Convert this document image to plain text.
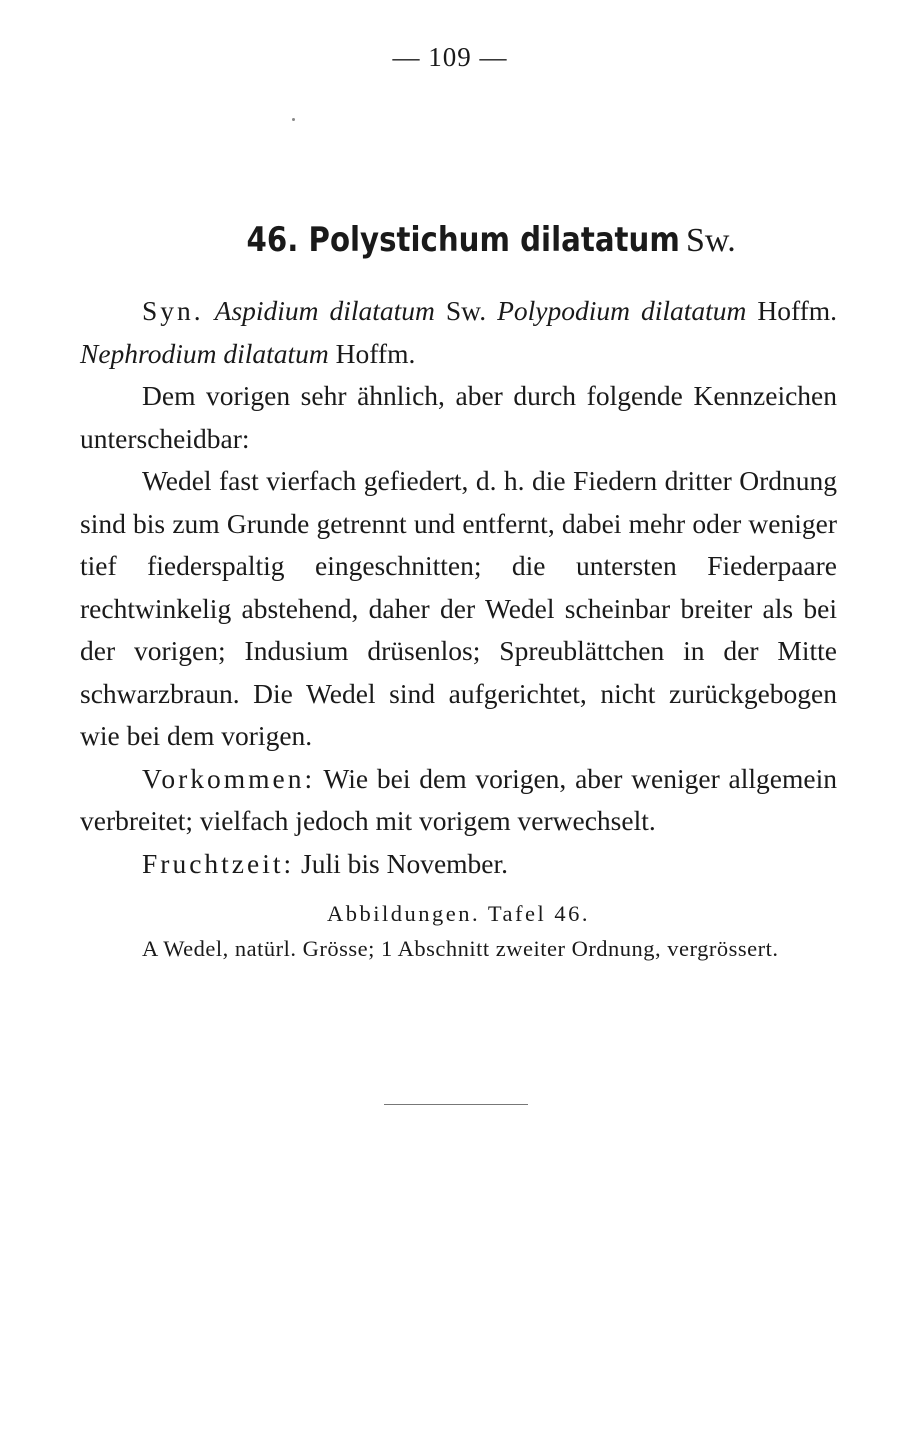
— 109 —
46. Polystichum dilatatum Sw.

Syn. Aspidium dilatatum Sw. Polypodium dilatatum Hoffm. Nephrodium dilatatum Hoffm.

Dem vorigen sehr ähnlich, aber durch folgende Kennzeichen unterscheidbar:

Wedel fast vierfach gefiedert, d. h. die Fiedern dritter Ordnung sind bis zum Grunde getrennt und entfernt, dabei mehr oder weniger tief fiederspaltig eingeschnitten; die untersten Fiederpaare rechtwinkelig abstehend, daher der Wedel scheinbar breiter als bei der vorigen; Indusium drüsenlos; Spreublättchen in der Mitte schwarzbraun. Die Wedel sind aufgerichtet, nicht zurückgebogen wie bei dem vorigen.

Vorkommen: Wie bei dem vorigen, aber weniger allgemein verbreitet; vielfach jedoch mit vorigem verwechselt.

Fruchtzeit: Juli bis November.

Abbildungen. Tafel 46.

A Wedel, natürl. Grösse; 1 Abschnitt zweiter Ordnung, vergrössert.
